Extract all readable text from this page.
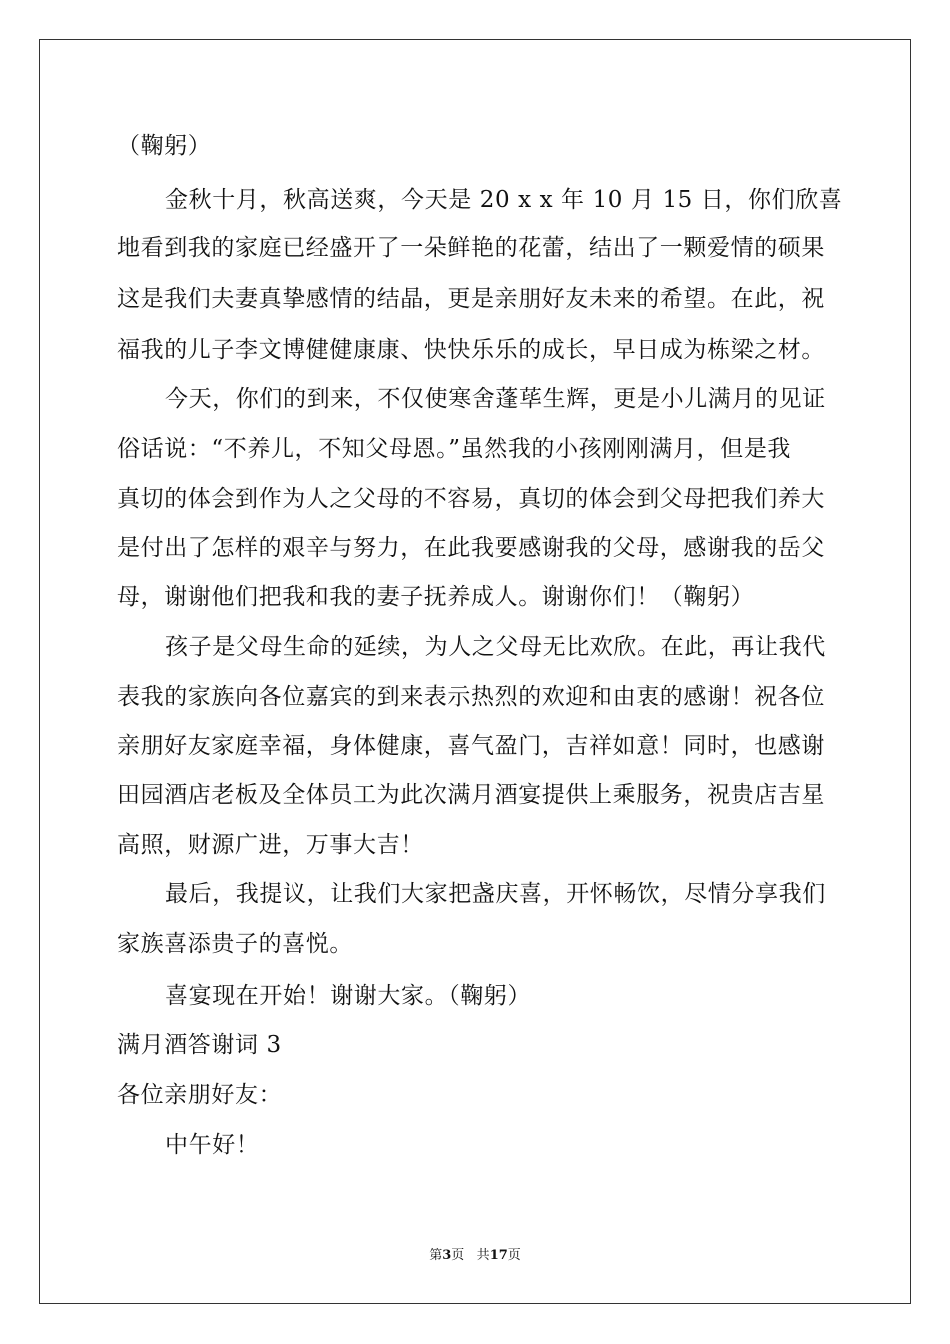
（鞠躬）
金秋十月，秋高送爽，今天是 20 x x 年 10 月 15 日，你们欣喜
地看到我的家庭已经盛开了一朵鲜艳的花蕾，结出了一颗爱情的硕果
这是我们夫妻真挚感情的结晶，更是亲朋好友未来的希望。在此，祝
福我的儿子李文博健健康康、快快乐乐的成长，早日成为栋梁之材。
今天，你们的到来，不仅使寒舍蓬荜生辉，更是小儿满月的见证
俗话说：“不养儿，不知父母恩。”虽然我的小孩刚刚满月，但是我
真切的体会到作为人之父母的不容易，真切的体会到父母把我们养大
是付出了怎样的艰辛与努力，在此我要感谢我的父母，感谢我的岳父
母，谢谢他们把我和我的妻子抚养成人。谢谢你们！（鞠躬）
孩子是父母生命的延续，为人之父母无比欢欣。在此，再让我代
表我的家族向各位嘉宾的到来表示热烈的欢迎和由衷的感谢！祝各位
亲朋好友家庭幸福，身体健康，喜气盈门，吉祥如意！同时，也感谢
田园酒店老板及全体员工为此次满月酒宴提供上乘服务，祝贵店吉星
高照，财源广进，万事大吉！
最后，我提议，让我们大家把盏庆喜，开怀畅饮，尽情分享我们
家族喜添贵子的喜悦。
喜宴现在开始！谢谢大家。（鞠躬）
满月酒答谢词 3
各位亲朋好友：
中午好！
第3页 共17页
